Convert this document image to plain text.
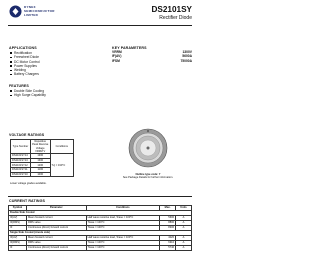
DYNEX
SEMICONDUCTOR
LIMITED
DS2101SY
Rectifier Diode
APPLICATIONS
Rectification
Freewheel Diode
DC Motor Control
Power Supplies
Welding
Battery Chargers
KEY PARAMETERS
VRRM	1300V
IF(AV)	5600A
IFSM	75000A
FEATURES
Double Side Cooling
High Surge Capability
VOLTAGE RATINGS
Type Number	Repetitive Peak Reverse Voltage VRRM V	Conditions
DS2101SY14	1300	Tvj = 190°C
DS2101SY13	1300	
DS2101SY12	1200	
DS2101SY11	1100	
DS2101SY10	1000	
Lower voltage grades available.
Outline type code: Y
See Package Details for further information.
CURRENT RATINGS
Symbol	Parameter	Conditions	Max.	Units
Double Side Cooled				
IF(AV)	Mean forward current	Half wave resistive load, Tcase = 100°C	5600	A
IF(RMS)	RMS value	Tcase = 100°C	8800	A
IF	Continuous (direct) forward current	Tcase = 100°C	8300	A
Single Side Cooled (Anode side)				
IF(AV)	Mean forward current	Half wave resistive load, Tcase = 100°C	4020	A
IF(RMS)	RMS value	Tcase = 100°C	6310	A
IF	Continuous (direct) forward current	Tcase = 100°C	5740	A
